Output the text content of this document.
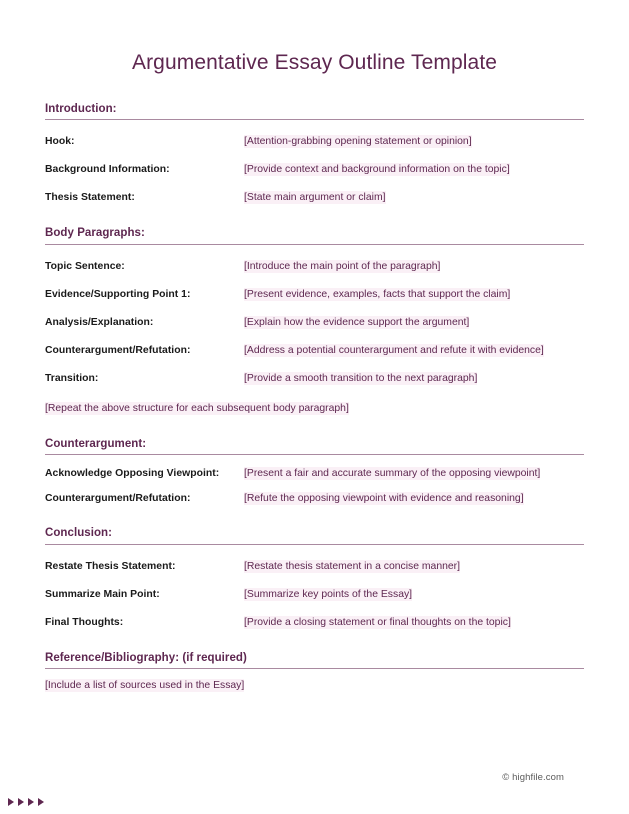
Argumentative Essay Outline Template
Introduction:
Hook:	[Attention-grabbing opening statement or opinion]
Background Information:	[Provide context and background information on the topic]
Thesis Statement:	[State main argument or claim]
Body Paragraphs:
Topic Sentence:	[Introduce the main point of the paragraph]
Evidence/Supporting Point 1:	[Present evidence, examples, facts that support the claim]
Analysis/Explanation:	[Explain how the evidence support the argument]
Counterargument/Refutation:	[Address a potential counterargument and refute it with evidence]
Transition:	[Provide a smooth transition to the next paragraph]
[Repeat the above structure for each subsequent body paragraph]
Counterargument:
Acknowledge Opposing Viewpoint:	[Present a fair and accurate summary of the opposing viewpoint]
Counterargument/Refutation:	[Refute the opposing viewpoint with evidence and reasoning]
Conclusion:
Restate Thesis Statement:	[Restate thesis statement in a concise manner]
Summarize Main Point:	[Summarize key points of the Essay]
Final Thoughts:	[Provide a closing statement or final thoughts on the topic]
Reference/Bibliography: (if required)
[Include a list of sources used in the Essay]
© highfile.com
